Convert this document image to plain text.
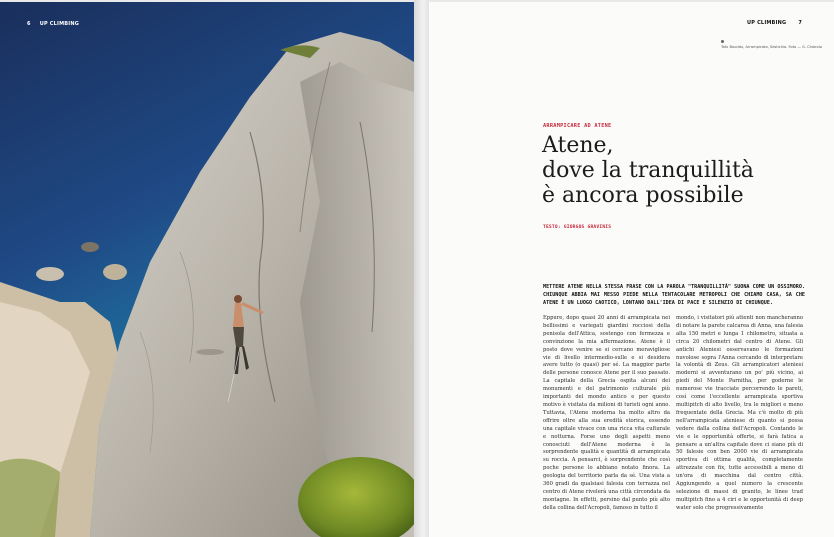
6 UP CLIMBING	UP CLIMBING 7
Tofu Bouddu, Arrampicata, Sestichia. Foto — G. Chiarolo
ARRAMPICARE AD ATENE
Atene,
dove la tranquillità
è ancora possibile
TESTO: GIORGOS GRAVINIS
METTERE ATENE NELLA STESSA FRASE CON LA PAROLA "TRANQUILLITÀ" SUONA COME UN OSSIMORO. CHIUNQUE ABBIA MAI MESSO PIEDE NELLA TENTACOLARE METROPOLI CHE CHIAMO CASA, SA CHE ATENE È UN LUOGO CAOTICO, LONTANO DALL'IDEA DI PACE E SILENZIO DI CHIUNQUE.

Eppure, dopo quasi 20 anni di arrampicata nei bellissimi e variegati giardini rocciosi della penisola dell'Attica, sostengo con fermezza e convinzione la mia affermazione. Atene è il posto dove venire se si cercano meravigliose vie di livello intermedio-sulle e si desidera avere tutto (o quasi) per sé. La maggior parte delle persone conosce Atene per il suo passato. La capitale della Grecia ospita alcuni dei monumenti e del patrimonio culturale più importanti del mondo antico e per questo motivo è visitata da milioni di turisti ogni anno. Tuttavia, l'Atene moderna ha molto altro da offrire oltre alla sua eredità storica, essendo una capitale vivace con una ricca vita culturale e notturna. Forse uno degli aspetti meno conosciuti dell'Atene moderna è la sorprendente qualità e quantità di arrampicata su roccia. A pensarci, è sorprendente che così poche persone lo abbiano notato finora. La geologia del territorio parla da sé. Una vista a 360 gradi da qualsiasi falesia con terrazza nel centro di Atene rivelerà una città circondata da montagne. In effetti, persino dal punto più alto della collina dell'Acropoli, famoso in tutto il

mondo, i visitatori più attenti non mancheranno di notare la parete calcarea di Anna, una falesia alta 150 metri e lunga 1 chilometro, situata a circa 20 chilometri dal centro di Atene. Gli antichi Ateniesi osservavano le formazioni nuvolose sopra l'Anna cercando di interpretare la volontà di Zeus. Gli arrampicatori ateniesi moderni si avventurano un po' più vicino, ai piedi del Monte Parnitha, per goderne le numerose vie tracciate percorrendo le pareti, così come l'eccellente arrampicata sportiva multipitch di alto livello, tra le migliori e meno frequentate della Grecia. Ma c'è molto di più nell'arrampicata ateniese di quanto si possa vedere dalla collina dell'Acropoli. Contando le vie e le opportunità offerte, si farà fatica a pensare a un'altra capitale dove ci siano più di 50 falesie con ben 2000 vie di arrampicata sportiva di ottima qualità, completamente attrezzate con fix, tutte accessibili a meno di un'ora di macchina dal centro città. Aggiungendo a quel numero la crescente selezione di massi di granito, le linee trad multipitch fino a 4 ciri e le opportunità di deep water solo che progressivamente
